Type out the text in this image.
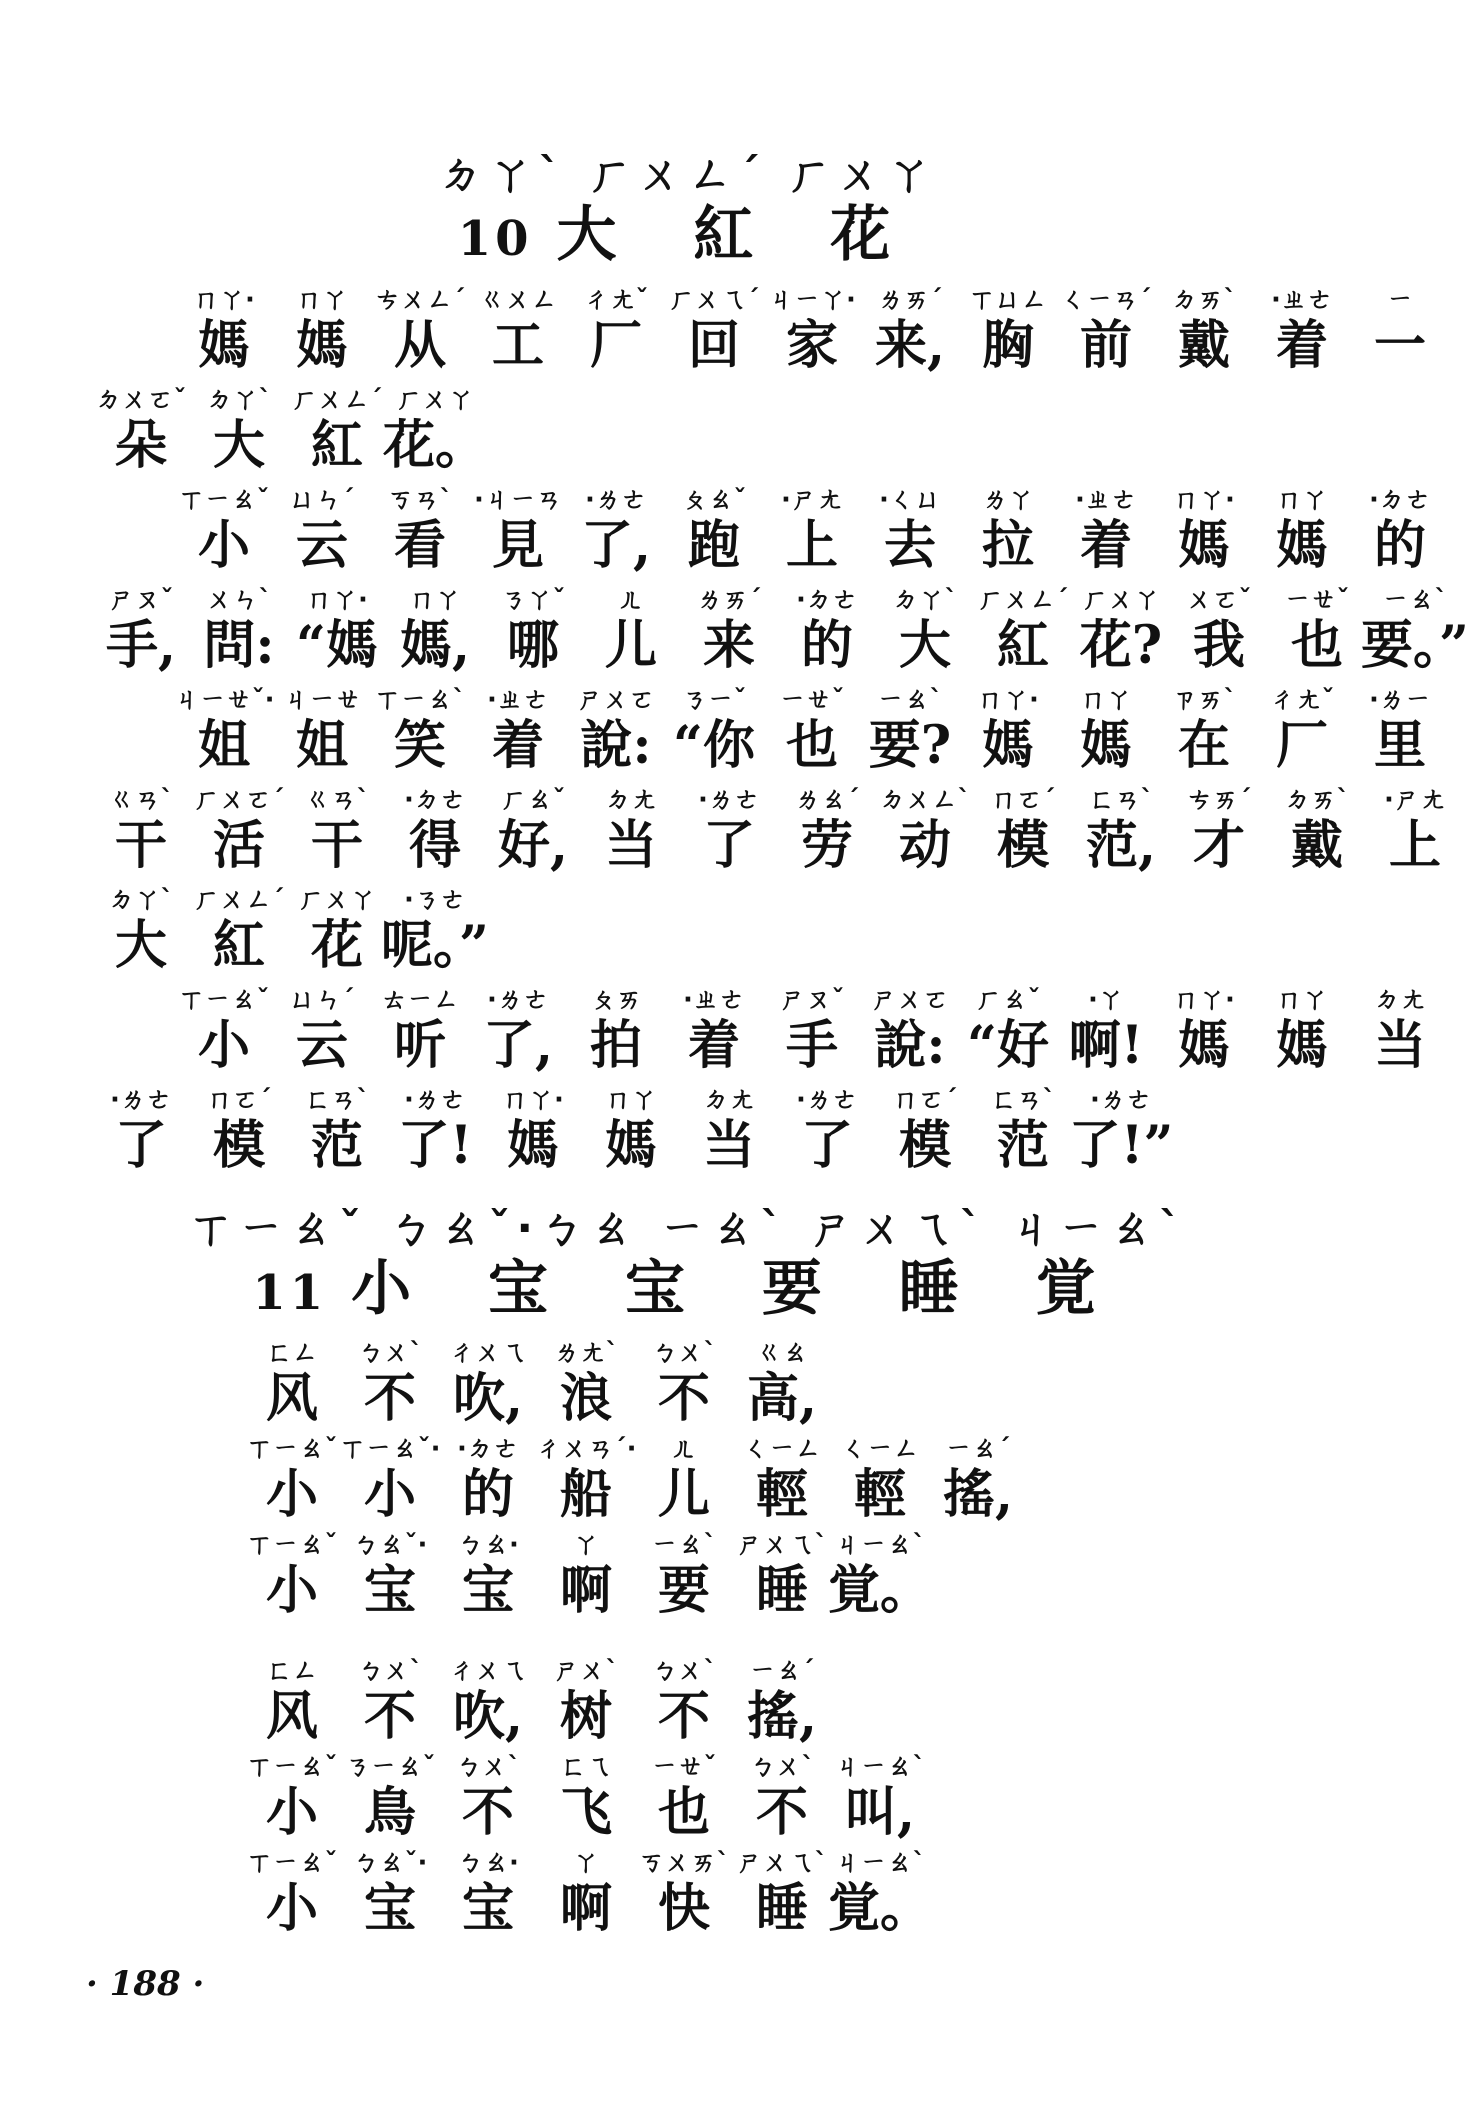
ㄉㄚˋ ㄏㄨㄥˊ ㄏㄨㄚ
10 大 紅 花
ㄇㄚ·
媽
ㄇㄚ
媽
ㄘㄨㄥˊ
从
ㄍㄨㄥ
工
ㄔㄤˇ
厂
ㄏㄨㄟˊ
回
ㄐㄧㄚ·
家
ㄌㄞˊ
来,
ㄒㄩㄥ
胸
ㄑㄧㄢˊ
前
ㄉㄞˋ
戴
·ㄓㄜ
着
ㄧ
一
ㄉㄨㄛˇ
朵
ㄉㄚˋ
大
ㄏㄨㄥˊ
紅
ㄏㄨㄚ
花。
ㄒㄧㄠˇ
小
ㄩㄣˊ
云
ㄎㄢˋ
看
·ㄐㄧㄢ
見
·ㄌㄜ
了,
ㄆㄠˇ
跑
·ㄕㄤ
上
·ㄑㄩ
去
ㄌㄚ
拉
·ㄓㄜ
着
ㄇㄚ·
媽
ㄇㄚ
媽
·ㄉㄜ
的
ㄕㄡˇ
手,
ㄨㄣˋ
問:
ㄇㄚ·
“媽
ㄇㄚ
媽,
ㄋㄚˇ
哪
ㄦ
儿
ㄌㄞˊ
来
·ㄉㄜ
的
ㄉㄚˋ
大
ㄏㄨㄥˊ
紅
ㄏㄨㄚ
花?
ㄨㄛˇ
我
ㄧㄝˇ
也
ㄧㄠˋ
要。”
ㄐㄧㄝˇ·
姐
ㄐㄧㄝ
姐
ㄒㄧㄠˋ
笑
·ㄓㄜ
着
ㄕㄨㄛ
說:
ㄋㄧˇ
“你
ㄧㄝˇ
也
ㄧㄠˋ
要?
ㄇㄚ·
媽
ㄇㄚ
媽
ㄗㄞˋ
在
ㄔㄤˇ
厂
·ㄌㄧ
里
ㄍㄢˋ
干
ㄏㄨㄛˊ
活
ㄍㄢˋ
干
·ㄉㄜ
得
ㄏㄠˇ
好,
ㄉㄤ
当
·ㄌㄜ
了
ㄌㄠˊ
劳
ㄉㄨㄥˋ
动
ㄇㄛˊ
模
ㄈㄢˋ
范,
ㄘㄞˊ
才
ㄉㄞˋ
戴
·ㄕㄤ
上
ㄉㄚˋ
大
ㄏㄨㄥˊ
紅
ㄏㄨㄚ
花
·ㄋㄜ
呢。”
ㄒㄧㄠˇ
小
ㄩㄣˊ
云
ㄊㄧㄥ
听
·ㄌㄜ
了,
ㄆㄞ
拍
·ㄓㄜ
着
ㄕㄡˇ
手
ㄕㄨㄛ
說:
ㄏㄠˇ
“好
·ㄚ
啊!
ㄇㄚ·
媽
ㄇㄚ
媽
ㄉㄤ
当
·ㄌㄜ
了
ㄇㄛˊ
模
ㄈㄢˋ
范
·ㄌㄜ
了!
ㄇㄚ·
媽
ㄇㄚ
媽
ㄉㄤ
当
·ㄌㄜ
了
ㄇㄛˊ
模
ㄈㄢˋ
范
·ㄌㄜ
了!”
ㄒㄧㄠˇ ㄅㄠˇ·ㄅㄠ ㄧㄠˋ ㄕㄨㄟˋ ㄐㄧㄠˋ
11 小 宝 宝 要 睡 覚
ㄈㄥ
风
ㄅㄨˋ
不
ㄔㄨㄟ
吹,
ㄌㄤˋ
浪
ㄅㄨˋ
不
ㄍㄠ
高,
ㄒㄧㄠˇ
小
ㄒㄧㄠˇ·
小
·ㄉㄜ
的
ㄔㄨㄢˊ·
船
ㄦ
儿
ㄑㄧㄥ
輕
ㄑㄧㄥ
輕
ㄧㄠˊ
搖,
ㄒㄧㄠˇ
小
ㄅㄠˇ·
宝
ㄅㄠ·
宝
ㄚ
啊
ㄧㄠˋ
要
ㄕㄨㄟˋ
睡
ㄐㄧㄠˋ
覚。
ㄈㄥ
风
ㄅㄨˋ
不
ㄔㄨㄟ
吹,
ㄕㄨˋ
树
ㄅㄨˋ
不
ㄧㄠˊ
搖,
ㄒㄧㄠˇ
小
ㄋㄧㄠˇ
鳥
ㄅㄨˋ
不
ㄈㄟ
飞
ㄧㄝˇ
也
ㄅㄨˋ
不
ㄐㄧㄠˋ
叫,
ㄒㄧㄠˇ
小
ㄅㄠˇ·
宝
ㄅㄠ·
宝
ㄚ
啊
ㄎㄨㄞˋ
快
ㄕㄨㄟˋ
睡
ㄐㄧㄠˋ
覚。
· 188 ·
